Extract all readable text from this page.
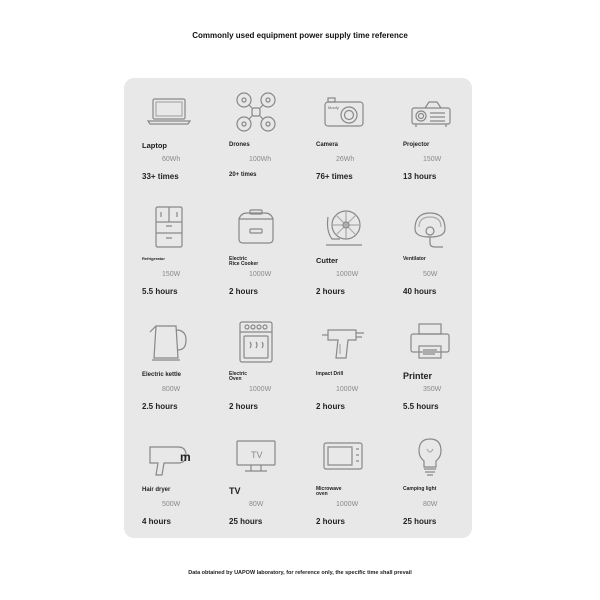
Commonly used equipment power supply time reference
Laptop
60Wh
33+ times
Drones
100Wh
20+ times
Moofy
Camera
26Wh
76+ times
Projector
150W
13 hours
Refrigerator
150W
5.5 hours
Electric Rice Cooker
1000W
2 hours
Cutter
1000W
2 hours
Ventilator
50W
40 hours
Electric kettle
800W
2.5 hours
Electric Oven
1000W
2 hours
Impact Drill
1000W
2 hours
Printer
350W
5.5 hours
m
Hair dryer
500W
4 hours
TV
TV
80W
25 hours
Microwave oven
1000W
2 hours
Camping light
80W
25 hours
Data obtained by UAPOW laboratory, for reference only, the specific time shall prevail
